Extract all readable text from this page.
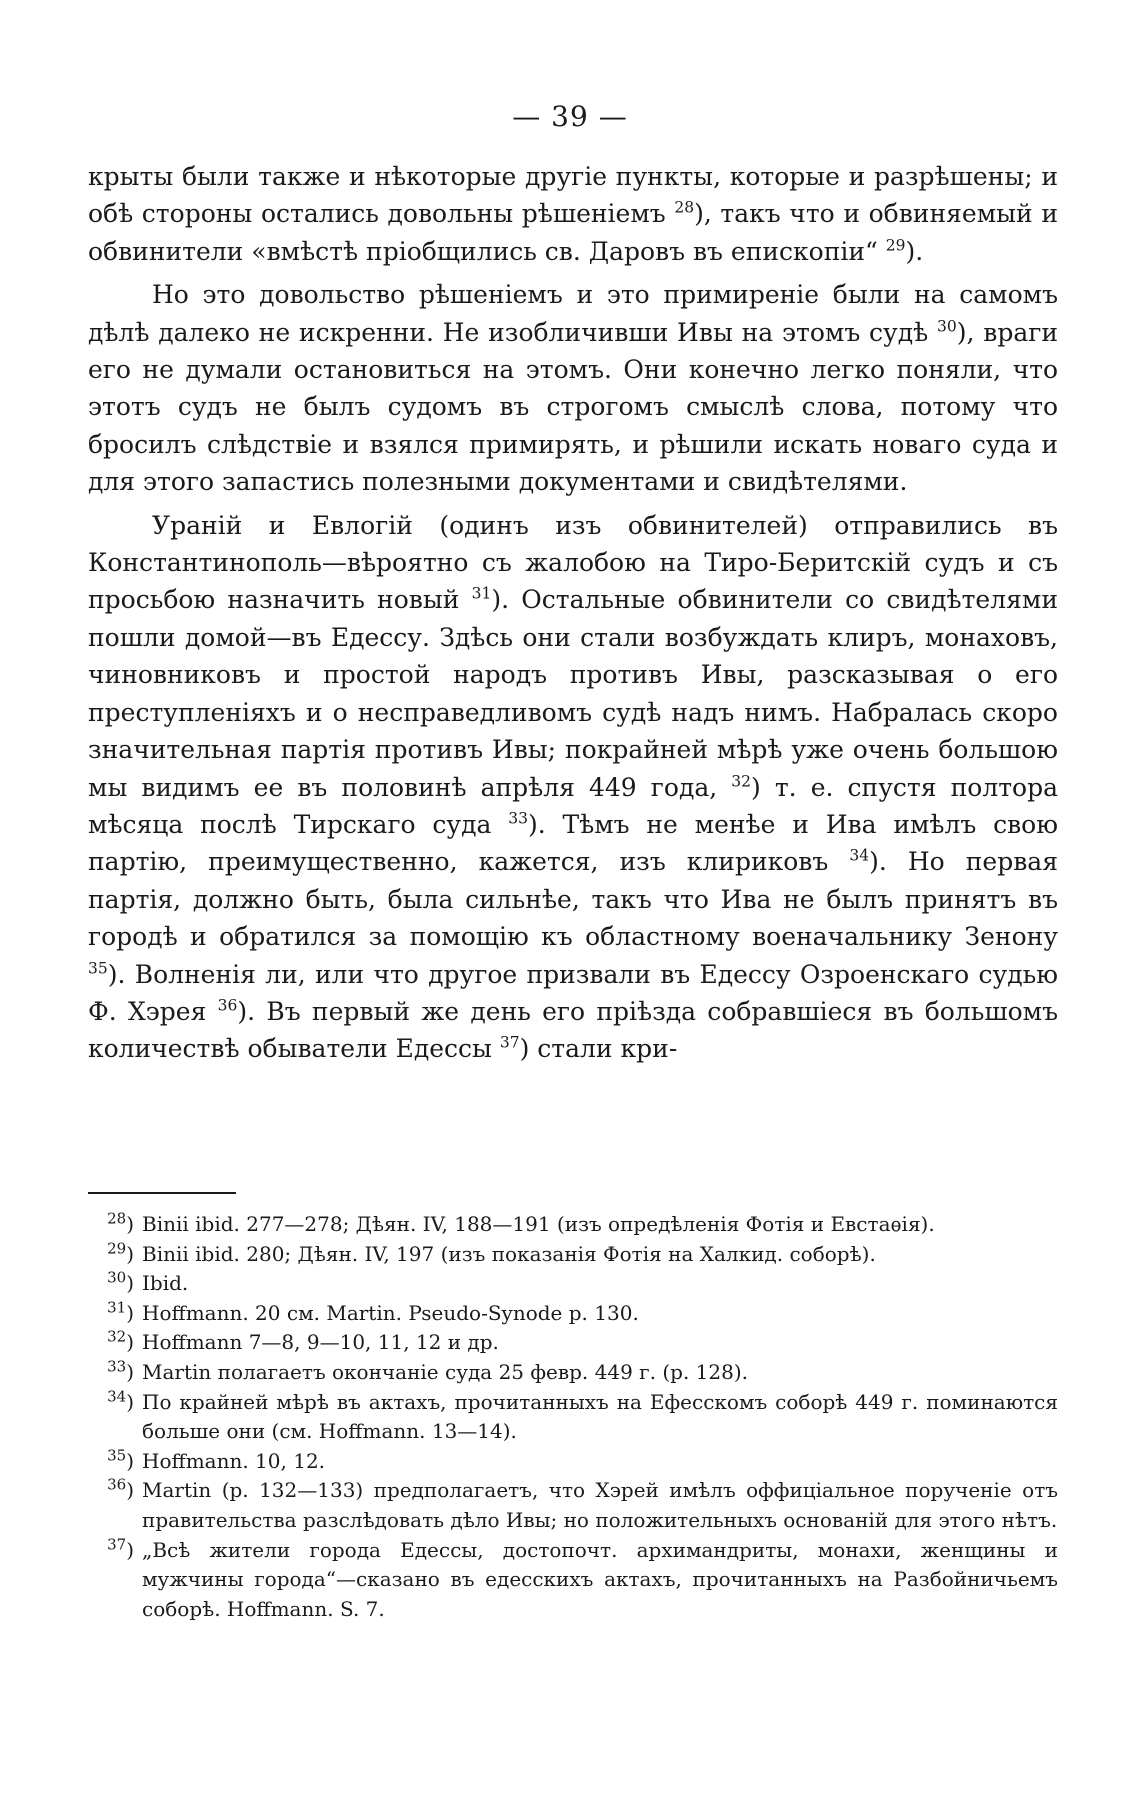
— 39 —

крыты были также и нѣкоторые другіе пункты, которые и разрѣшены; и обѣ стороны остались довольны рѣшеніемъ $^{28}$), такъ что и обвиняемый и обвинители «вмѣстѣ пріобщились св. Даровъ въ епископіи“ $^{29}$).

Но это довольство рѣшеніемъ и это примиреніе были на самомъ дѣлѣ далеко не искренни. Не изобличивши Ивы на этомъ судѣ $^{30}$), враги его не думали остановиться на этомъ. Они конечно легко поняли, что этотъ судъ не былъ судомъ въ строгомъ смыслѣ слова, потому что бросилъ слѣдствіе и взялся примирять, и рѣшили искать новаго суда и для этого запастись полезными документами и свидѣтелями.

Ураній и Евлогій (одинъ изъ обвинителей) отправились въ Константинополь—вѣроятно съ жалобою на Тиро-Беритскій судъ и съ просьбою назначить новый $^{31}$). Остальные обвинители со свидѣтелями пошли домой—въ Едессу. Здѣсь они стали возбуждать клиръ, монаховъ, чиновниковъ и простой народъ противъ Ивы, разсказывая о его преступленіяхъ и о несправедливомъ судѣ надъ нимъ. Набралась скоро значительная партія противъ Ивы; покрайней мѣрѣ уже очень большою мы видимъ ее въ половинѣ апрѣля 449 года, $^{32}$) т. е. спустя полтора мѣсяца послѣ Тирскаго суда $^{33}$). Тѣмъ не менѣе и Ива имѣлъ свою партію, преимущественно, кажется, изъ клириковъ $^{34}$). Но первая партія, должно быть, была сильнѣе, такъ что Ива не былъ принятъ въ городѣ и обратился за помощію къ областному военачальнику Зенону $^{35}$). Волненія ли, или что другое призвали въ Едессу Озроенскаго судью Ф. Хэрея $^{36}$). Въ первый же день его пріѣзда собравшіеся въ большомъ количествѣ обыватели Едессы $^{37}$) стали кри-

$^{28}$) Binii ibid. 277—278; Дѣян. IV, 188—191 (изъ опредѣленія Фотія и Евстаѳія).
$^{29}$) Binii ibid. 280; Дѣян. IV, 197 (изъ показанія Фотія на Халкид. соборѣ).
$^{30}$) Ibid.
$^{31}$) Hoffmann. 20 см. Martin. Pseudo-Synode p. 130.
$^{32}$) Hoffmann 7—8, 9—10, 11, 12 и др.
$^{33}$) Martin полагаетъ окончаніе суда 25 февр. 449 г. (p. 128).
$^{34}$) По крайней мѣрѣ въ актахъ, прочитанныхъ на Ефесскомъ соборѣ 449 г. поминаются больше они (см. Hoffmann. 13—14).
$^{35}$) Hoffmann. 10, 12.
$^{36}$) Martin (p. 132—133) предполагаетъ, что Хэрей имѣлъ оффиціальное порученіе отъ правительства разслѣдовать дѣло Ивы; но положительныхъ основаній для этого нѣтъ.
$^{37}$) „Всѣ жители города Едессы, достопочт. архимандриты, монахи, женщины и мужчины города“—сказано въ едесскихъ актахъ, прочитанныхъ на Разбойничьемъ соборѣ. Hoffmann. S. 7.
